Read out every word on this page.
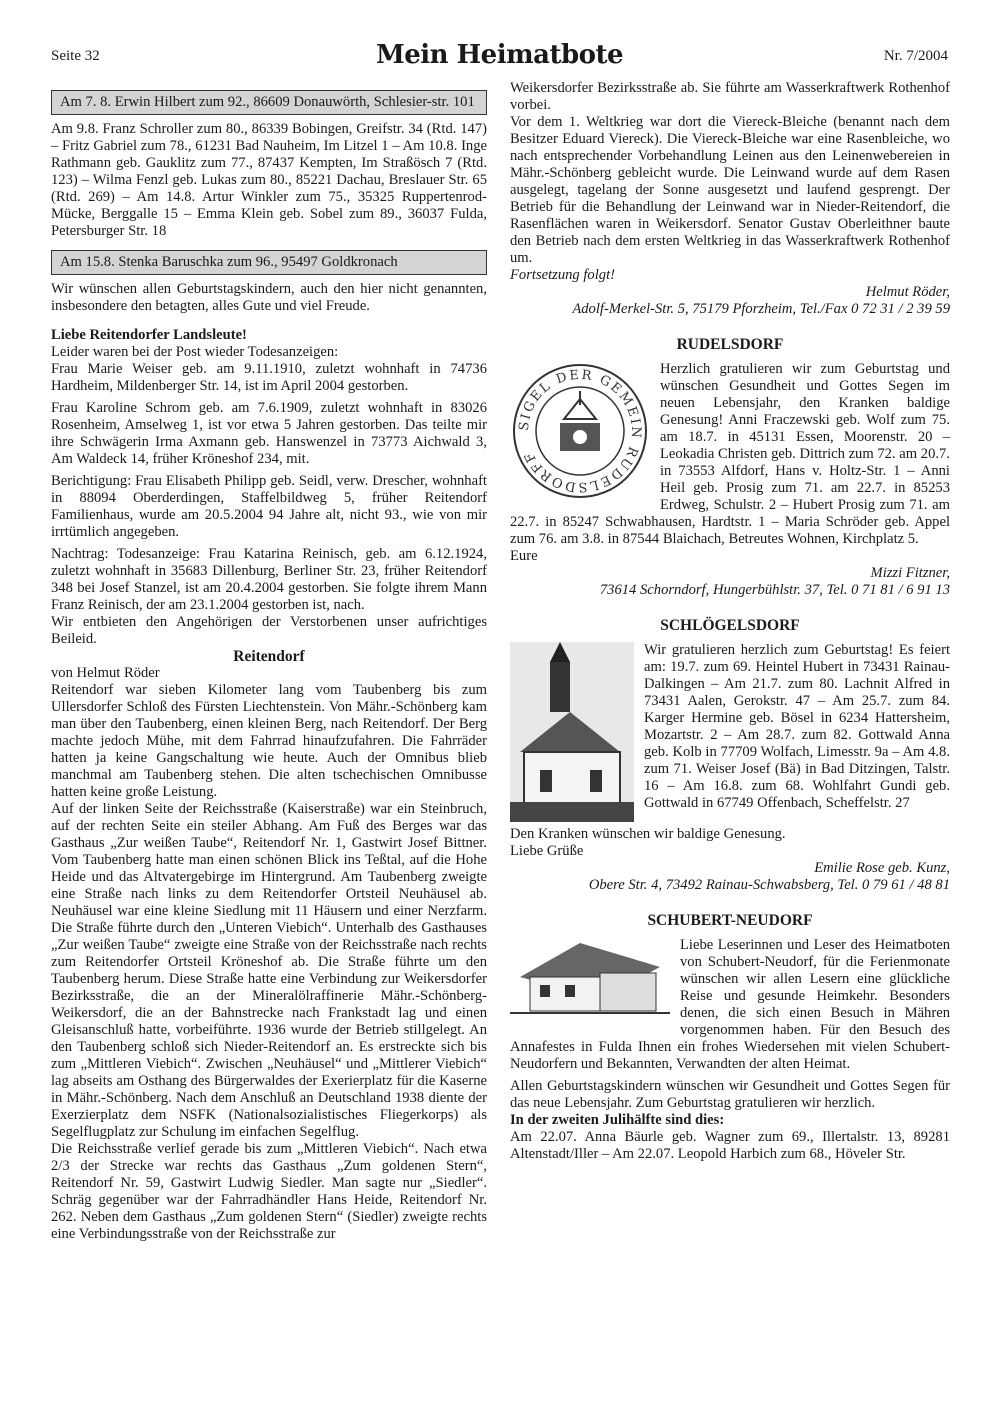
Seite 32	Mein Heimatbote	Nr. 7/2004

Am 7. 8. Erwin Hilbert zum 92., 86609 Donauwörth, Schlesier-str. 101

Am 9.8. Franz Schroller zum 80., 86339 Bobingen, Greifstr. 34 (Rtd. 147) – Fritz Gabriel zum 78., 61231 Bad Nauheim, Im Litzel 1 – Am 10.8. Inge Rathmann geb. Gauklitz zum 77., 87437 Kempten, Im Straßösch 7 (Rtd. 123) – Wilma Fenzl geb. Lukas zum 80., 85221 Dachau, Breslauer Str. 65 (Rtd. 269) – Am 14.8. Artur Winkler zum 75., 35325 Ruppertenrod-Mücke, Berggalle 15 – Emma Klein geb. Sobel zum 89., 36037 Fulda, Petersburger Str. 18

Am 15.8. Stenka Baruschka zum 96., 95497 Goldkronach

Wir wünschen allen Geburtstagskindern, auch den hier nicht genannten, insbesondere den betagten, alles Gute und viel Freude.

Liebe Reitendorfer Landsleute!

Leider waren bei der Post wieder Todesanzeigen:

Frau Marie Weiser geb. am 9.11.1910, zuletzt wohnhaft in 74736 Hardheim, Mildenberger Str. 14, ist im April 2004 gestorben.

Frau Karoline Schrom geb. am 7.6.1909, zuletzt wohnhaft in 83026 Rosenheim, Amselweg 1, ist vor etwa 5 Jahren gestorben. Das teilte mir ihre Schwägerin Irma Axmann geb. Hanswenzel in 73773 Aichwald 3, Am Waldeck 14, früher Kröneshof 234, mit.

Berichtigung: Frau Elisabeth Philipp geb. Seidl, verw. Drescher, wohnhaft in 88094 Oberderdingen, Staffelbildweg 5, früher Reitendorf Familienhaus, wurde am 20.5.2004 94 Jahre alt, nicht 93., wie von mir irrtümlich angegeben.

Nachtrag: Todesanzeige: Frau Katarina Reinisch, geb. am 6.12.1924, zuletzt wohnhaft in 35683 Dillenburg, Berliner Str. 23, früher Reitendorf 348 bei Josef Stanzel, ist am 20.4.2004 gestorben. Sie folgte ihrem Mann Franz Reinisch, der am 23.1.2004 gestorben ist, nach.

Wir entbieten den Angehörigen der Verstorbenen unser aufrichtiges Beileid.

Reitendorf

von Helmut Röder

Reitendorf war sieben Kilometer lang vom Taubenberg bis zum Ullersdorfer Schloß des Fürsten Liechtenstein. Von Mähr.-Schönberg kam man über den Taubenberg, einen kleinen Berg, nach Reitendorf. Der Berg machte jedoch Mühe, mit dem Fahrrad hinaufzufahren. Die Fahrräder hatten ja keine Gangschaltung wie heute. Auch der Omnibus blieb manchmal am Taubenberg stehen. Die alten tschechischen Omnibusse hatten keine große Leistung.

Auf der linken Seite der Reichsstraße (Kaiserstraße) war ein Steinbruch, auf der rechten Seite ein steiler Abhang. Am Fuß des Berges war das Gasthaus „Zur weißen Taube“, Reitendorf Nr. 1, Gastwirt Josef Bittner. Vom Taubenberg hatte man einen schönen Blick ins Teßtal, auf die Hohe Heide und das Altvatergebirge im Hintergrund. Am Taubenberg zweigte eine Straße nach links zu dem Reitendorfer Ortsteil Neuhäusel ab. Neuhäusel war eine kleine Siedlung mit 11 Häusern und einer Nerzfarm. Die Straße führte durch den „Unteren Viebich“. Unterhalb des Gasthauses „Zur weißen Taube“ zweigte eine Straße von der Reichsstraße nach rechts zum Reitendorfer Ortsteil Kröneshof ab. Die Straße führte um den Taubenberg herum. Diese Straße hatte eine Verbindung zur Weikersdorfer Bezirksstraße, die an der Mineralölraffinerie Mähr.-Schönberg-Weikersdorf, die an der Bahnstrecke nach Frankstadt lag und einen Gleisanschluß hatte, vorbeiführte. 1936 wurde der Betrieb stillgelegt. An den Taubenberg schloß sich Nieder-Reitendorf an. Es erstreckte sich bis zum „Mittleren Viebich“. Zwischen „Neuhäusel“ und „Mittlerer Viebich“ lag abseits am Osthang des Bürgerwaldes der Exerierplatz für die Kaserne in Mähr.-Schönberg. Nach dem Anschluß an Deutschland 1938 diente der Exerzierplatz dem NSFK (Nationalsozialistisches Fliegerkorps) als Segelflugplatz zur Schulung im einfachen Segelflug.

Die Reichsstraße verlief gerade bis zum „Mittleren Viebich“. Nach etwa 2/3 der Strecke war rechts das Gasthaus „Zum goldenen Stern“, Reitendorf Nr. 59, Gastwirt Ludwig Siedler. Man sagte nur „Siedler“. Schräg gegenüber war der Fahrradhändler Hans Heide, Reitendorf Nr. 262. Neben dem Gasthaus „Zum goldenen Stern“ (Siedler) zweigte rechts eine Verbindungsstraße von der Reichsstraße zur

Weikersdorfer Bezirksstraße ab. Sie führte am Wasserkraftwerk Rothenhof vorbei.

Vor dem 1. Weltkrieg war dort die Viereck-Bleiche (benannt nach dem Besitzer Eduard Viereck). Die Viereck-Bleiche war eine Rasenbleiche, wo nach entsprechender Vorbehandlung Leinen aus den Leinenwebereien in Mähr.-Schönberg gebleicht wurde. Die Leinwand wurde auf dem Rasen ausgelegt, tagelang der Sonne ausgesetzt und laufend gesprengt. Der Betrieb für die Behandlung der Leinwand war in Nieder-Reitendorf, die Rasenflächen waren in Weikersdorf. Senator Gustav Oberleithner baute den Betrieb nach dem ersten Weltkrieg in das Wasserkraftwerk Rothenhof um.

Fortsetzung folgt!

Helmut Röder,

Adolf-Merkel-Str. 5, 75179 Pforzheim, Tel./Fax 0 72 31 / 2 39 59

RUDELSDORF

SIGEL DER GEMEIN RUDELSDORFF

Herzlich gratulieren wir zum Geburtstag und wünschen Gesundheit und Gottes Segen im neuen Lebensjahr, den Kranken baldige Genesung! Anni Fraczewski geb. Wolf zum 75. am 18.7. in 45131 Essen, Moorenstr. 20 – Leokadia Christen geb. Dittrich zum 72. am 20.7. in 73553 Alfdorf, Hans v. Holtz-Str. 1 – Anni Heil geb. Prosig zum 71. am 22.7. in 85253 Erdweg, Schulstr. 2 – Hubert Prosig zum 71. am 22.7. in 85247 Schwabhausen, Hardtstr. 1 – Maria Schröder geb. Appel zum 76. am 3.8. in 87544 Blaichach, Betreutes Wohnen, Kirchplatz 5.

Eure

Mizzi Fitzner,

73614 Schorndorf, Hungerbühlstr. 37, Tel. 0 71 81 / 6 91 13

SCHLÖGELSDORF

Wir gratulieren herzlich zum Geburtstag! Es feiert am: 19.7. zum 69. Heintel Hubert in 73431 Rainau-Dalkingen – Am 21.7. zum 80. Lachnit Alfred in 73431 Aalen, Gerokstr. 47 – Am 25.7. zum 84. Karger Hermine geb. Bösel in 6234 Hattersheim, Mozartstr. 2 – Am 28.7. zum 82. Gottwald Anna geb. Kolb in 77709 Wolfach, Limesstr. 9a – Am 4.8. zum 71. Weiser Josef (Bä) in Bad Ditzingen, Talstr. 16 – Am 16.8. zum 68. Wohlfahrt Gundi geb. Gottwald in 67749 Offenbach, Scheffelstr. 27

Den Kranken wünschen wir baldige Genesung.

Liebe Grüße

Emilie Rose geb. Kunz,

Obere Str. 4, 73492 Rainau-Schwabsberg, Tel. 0 79 61 / 48 81

SCHUBERT-NEUDORF

Liebe Leserinnen und Leser des Heimatboten von Schubert-Neudorf, für die Ferienmonate wünschen wir allen Lesern eine glückliche Reise und gesunde Heimkehr. Besonders denen, die sich einen Besuch in Mähren vorgenommen haben. Für den Besuch des Annafestes in Fulda Ihnen ein frohes Wiedersehen mit vielen Schubert-Neudorfern und Bekannten, Verwandten der alten Heimat.

Allen Geburtstagskindern wünschen wir Gesundheit und Gottes Segen für das neue Lebensjahr. Zum Geburtstag gratulieren wir herzlich.

In der zweiten Julihälfte sind dies:

Am 22.07. Anna Bäurle geb. Wagner zum 69., Illertalstr. 13, 89281 Altenstadt/Iller – Am 22.07. Leopold Harbich zum 68., Höveler Str.
